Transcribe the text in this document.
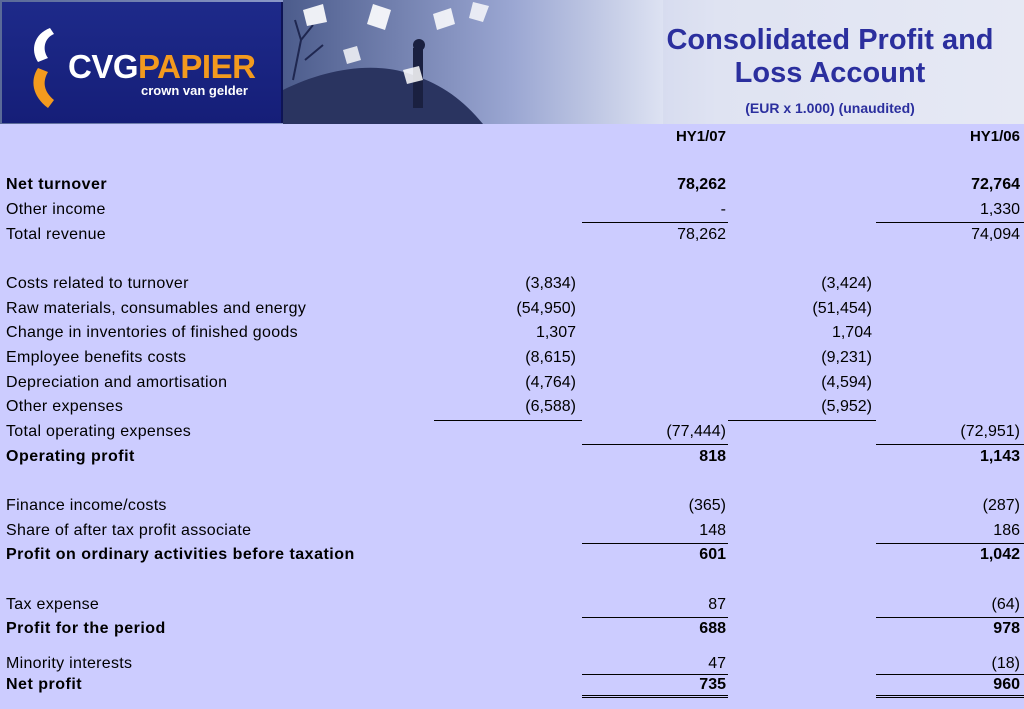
CVGPAPIER
crown van gelder
Consolidated Profit and
Loss Account
(EUR x 1.000) (unaudited)
HY1/07	HY1/06
Net turnover	78,262	72,764
Other income	-	1,330
Total revenue	78,262	74,094
Costs related to turnover	(3,834)	(3,424)
Raw materials, consumables and energy	(54,950)	(51,454)
Change in inventories of finished goods	1,307	1,704
Employee benefits costs	(8,615)	(9,231)
Depreciation and amortisation	(4,764)	(4,594)
Other expenses	(6,588)	(5,952)
Total operating expenses	(77,444)	(72,951)
Operating profit	818	1,143
Finance income/costs	(365)	(287)
Share of after tax profit associate	148	186
Profit on ordinary activities before taxation	601	1,042
Tax expense	87	(64)
Profit for the period	688	978
Minority interests	47	(18)
Net profit	735	960
